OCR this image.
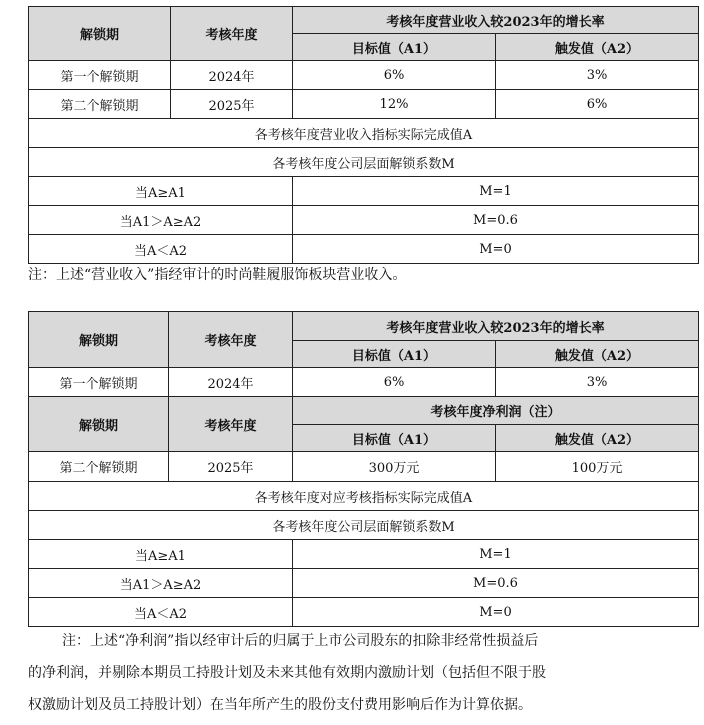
解锁期	考核年度	考核年度营业收入较2023年的增长率	
		目标值（A1）	触发值（A2）
第一个解锁期	2024年	6%	3%
第二个解锁期	2025年	12%	6%
各考核年度营业收入指标实际完成值A			
各考核年度公司层面解锁系数M			
当A≥A1		M=1	
当A1＞A≥A2		M=0.6	
当A＜A2		M=0	
注：上述“营业收入”指经审计的时尚鞋履服饰板块营业收入。
解锁期	考核年度	考核年度营业收入较2023年的增长率	
		目标值（A1）	触发值（A2）
第一个解锁期	2024年	6%	3%
解锁期	考核年度	考核年度净利润（注）	
		目标值（A1）	触发值（A2）
第二个解锁期	2025年	300万元	100万元
各考核年度对应考核指标实际完成值A			
各考核年度公司层面解锁系数M			
当A≥A1		M=1	
当A1＞A≥A2		M=0.6	
当A＜A2		M=0	
注：上述“净利润”指以经审计后的归属于上市公司股东的扣除非经常性损益后
的净利润，并剔除本期员工持股计划及未来其他有效期内激励计划（包括但不限于股
权激励计划及员工持股计划）在当年所产生的股份支付费用影响后作为计算依据。
